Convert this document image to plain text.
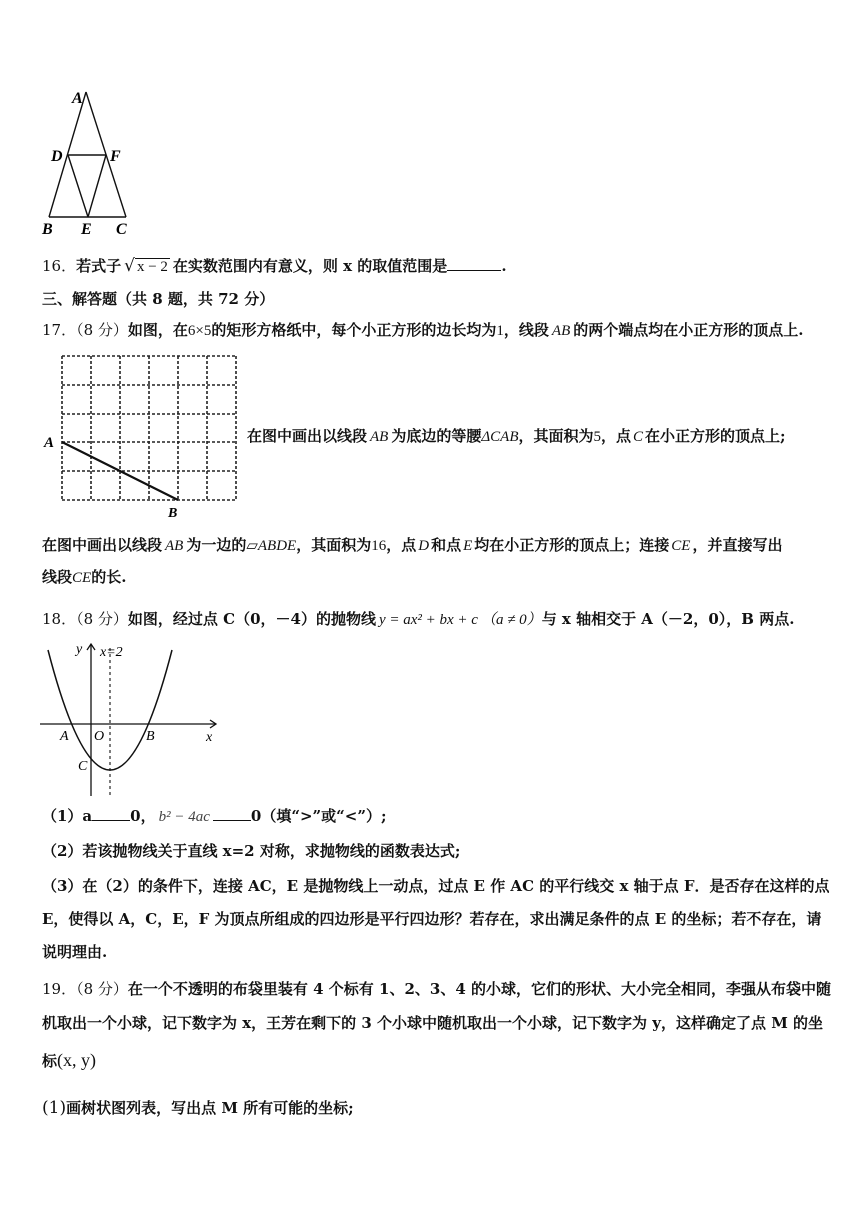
A
D	F
B E C
16．若式子 √ x − 2 在实数范围内有意义，则 x 的取值范围是	.
三、解答题（共 8 题，共 72 分）
17．（8 分）如图，在6×5的矩形方格纸中，每个小正方形的边长均为1，线段 AB 的两个端点均在小正方形的顶点上.
A
B
在图中画出以线段 AB 为底边的等腰ΔCAB，其面积为5，点 C 在小正方形的顶点上;
在图中画出以线段 AB 为一边的▱ABDE，其面积为16，点 D 和点 E 均在小正方形的顶点上；连接 CE ，并直接写出
线段CE的长.
18．（8 分）如图，经过点 C（0，－4）的抛物线 y = ax² + bx + c （a ≠ 0）与 x 轴相交于 A（－2，0），B 两点.
y x=2
x
A O	B
C
（1）a	0， b² − 4ac	0（填“>”或“<”）;
（2）若该抛物线关于直线 x=2 对称，求抛物线的函数表达式;
（3）在（2）的条件下，连接 AC，E 是抛物线上一动点，过点 E 作 AC 的平行线交 x 轴于点 F．是否存在这样的点
E，使得以 A，C，E，F 为顶点所组成的四边形是平行四边形？若存在，求出满足条件的点 E 的坐标；若不存在，请
说明理由.
19．（8 分）在一个不透明的布袋里装有 4 个标有 1、2、3、4 的小球，它们的形状、大小完全相同，李强从布袋中随
机取出一个小球，记下数字为 x，王芳在剩下的 3 个小球中随机取出一个小球，记下数字为 y，这样确定了点 M 的坐
标(x, y)
(1)画树状图列表，写出点 M 所有可能的坐标;
